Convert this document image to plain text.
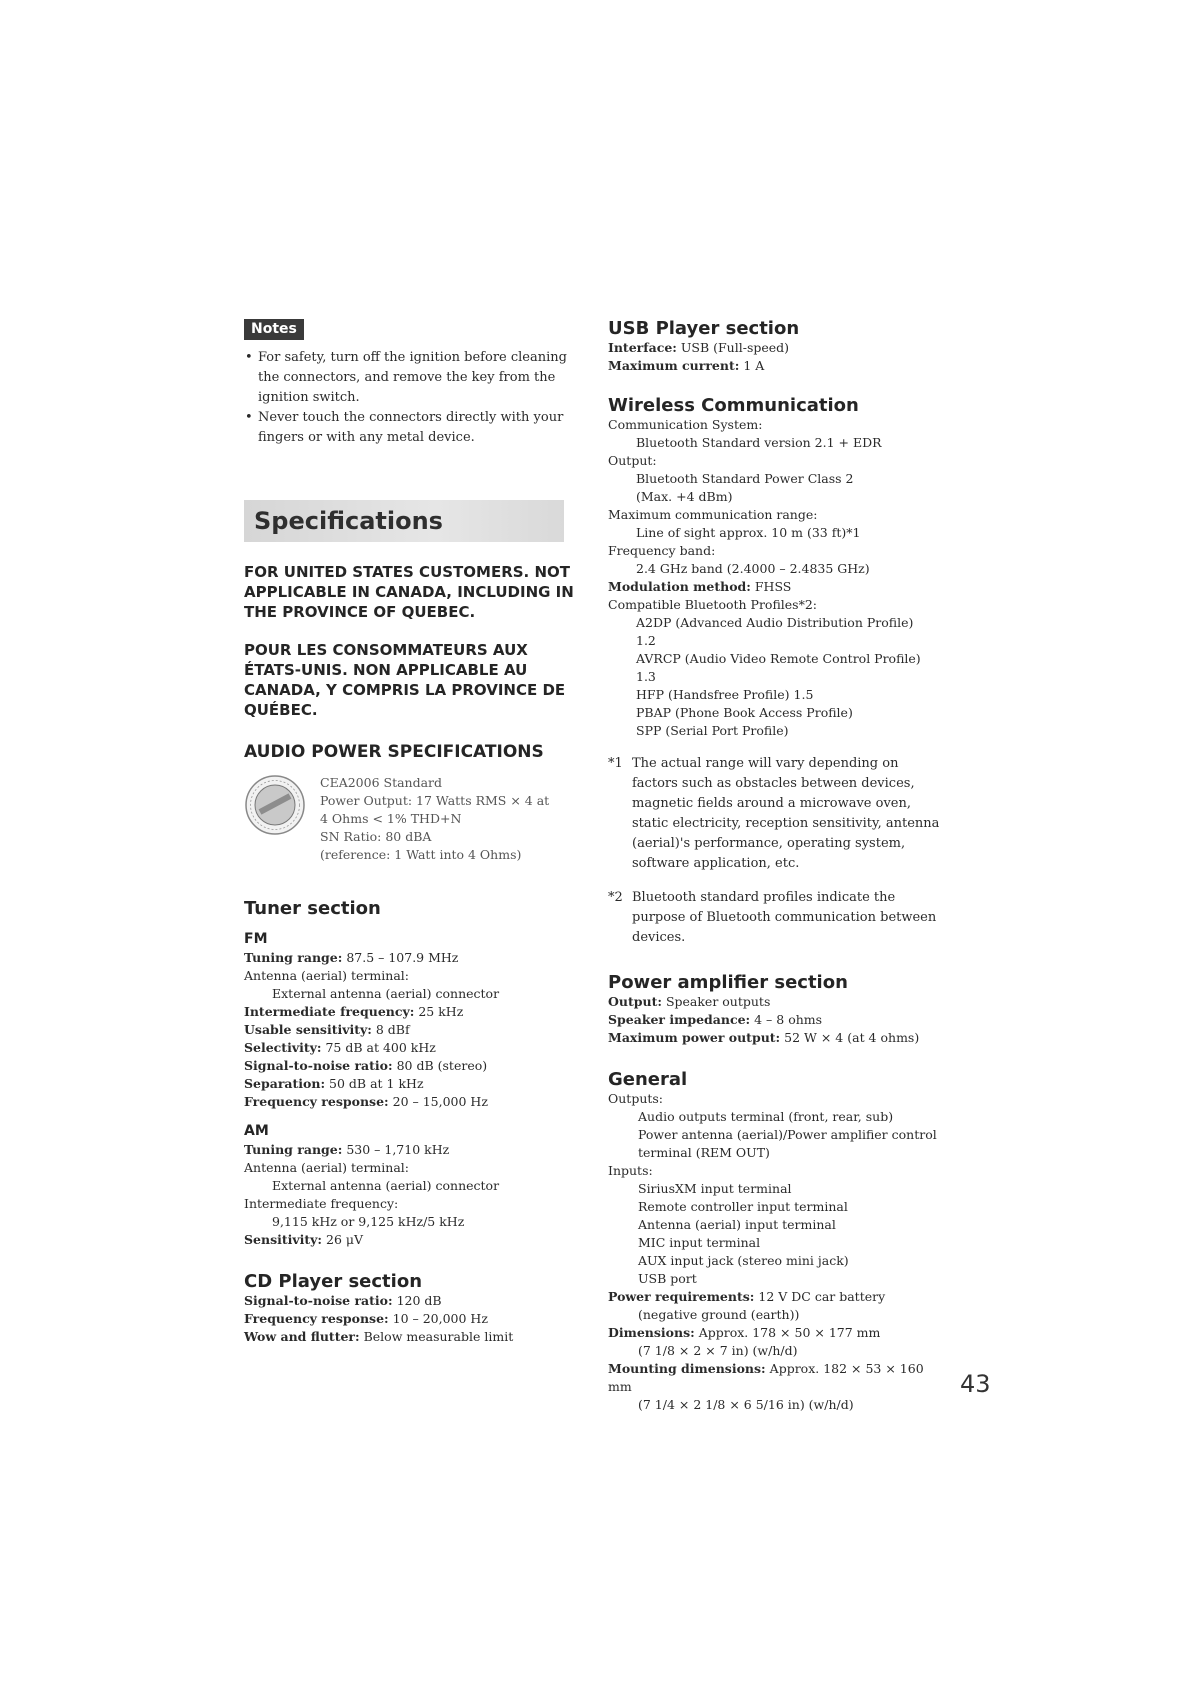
Notes
• For safety, turn off the ignition before cleaning the connectors, and remove the key from the ignition switch.
• Never touch the connectors directly with your fingers or with any metal device.
Specifications
FOR UNITED STATES CUSTOMERS. NOT APPLICABLE IN CANADA, INCLUDING IN THE PROVINCE OF QUEBEC.
POUR LES CONSOMMATEURS AUX ÉTATS-UNIS. NON APPLICABLE AU CANADA, Y COMPRIS LA PROVINCE DE QUÉBEC.
AUDIO POWER SPECIFICATIONS
CEA2006 Standard
Power Output: 17 Watts RMS × 4 at
4 Ohms < 1% THD+N
SN Ratio: 80 dBA
(reference: 1 Watt into 4 Ohms)
Tuner section
FM
Tuning range: 87.5 – 107.9 MHz
Antenna (aerial) terminal:
External antenna (aerial) connector
Intermediate frequency: 25 kHz
Usable sensitivity: 8 dBf
Selectivity: 75 dB at 400 kHz
Signal-to-noise ratio: 80 dB (stereo)
Separation: 50 dB at 1 kHz
Frequency response: 20 – 15,000 Hz
AM
Tuning range: 530 – 1,710 kHz
Antenna (aerial) terminal:
External antenna (aerial) connector
Intermediate frequency:
9,115 kHz or 9,125 kHz/5 kHz
Sensitivity: 26 μV
CD Player section
Signal-to-noise ratio: 120 dB
Frequency response: 10 – 20,000 Hz
Wow and flutter: Below measurable limit
USB Player section
Interface: USB (Full-speed)
Maximum current: 1 A
Wireless Communication
Communication System:
Bluetooth Standard version 2.1 + EDR
Output:
Bluetooth Standard Power Class 2
(Max. +4 dBm)
Maximum communication range:
Line of sight approx. 10 m (33 ft)*1
Frequency band:
2.4 GHz band (2.4000 – 2.4835 GHz)
Modulation method: FHSS
Compatible Bluetooth Profiles*2:
A2DP (Advanced Audio Distribution Profile)
1.2
AVRCP (Audio Video Remote Control Profile)
1.3
HFP (Handsfree Profile) 1.5
PBAP (Phone Book Access Profile)
SPP (Serial Port Profile)
*1 The actual range will vary depending on factors such as obstacles between devices, magnetic fields around a microwave oven, static electricity, reception sensitivity, antenna (aerial)'s performance, operating system, software application, etc.
*2 Bluetooth standard profiles indicate the purpose of Bluetooth communication between devices.
Power amplifier section
Output: Speaker outputs
Speaker impedance: 4 – 8 ohms
Maximum power output: 52 W × 4 (at 4 ohms)
General
Outputs:
Audio outputs terminal (front, rear, sub)
Power antenna (aerial)/Power amplifier control
terminal (REM OUT)
Inputs:
SiriusXM input terminal
Remote controller input terminal
Antenna (aerial) input terminal
MIC input terminal
AUX input jack (stereo mini jack)
USB port
Power requirements: 12 V DC car battery
(negative ground (earth))
Dimensions: Approx. 178 × 50 × 177 mm
(7 1/8 × 2 × 7 in) (w/h/d)
Mounting dimensions: Approx. 182 × 53 × 160 mm
(7 1/4 × 2 1/8 × 6 5/16 in) (w/h/d)
43
